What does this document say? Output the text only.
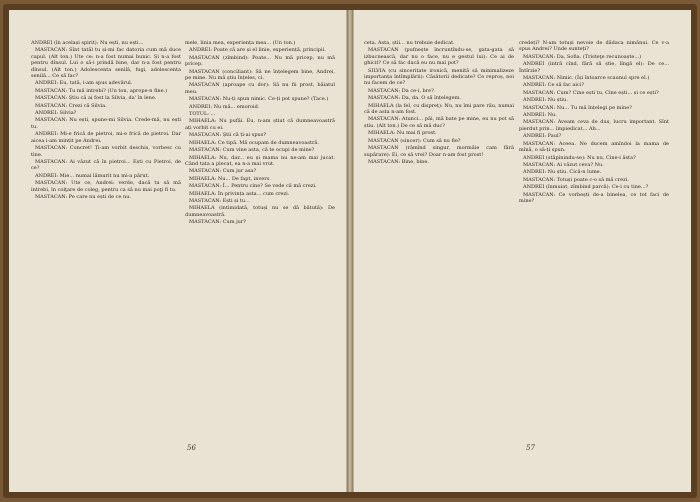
ANDREI (în același spirit): Nu ești, nu ești...

MASTACAN: Sînt tatăl tu și-mi fac datoria cum mă duce capul. (Alt ton.) Ute ce: n-a fost numai bunic. Și n-a fost pentru dînsul. Lui o să-i prindă bine, dar n-a fost pentru dînsul. (Alt ton.) Adolescenta senilă, fugi, adolescenta senilă... Ce să fac?

ANDREI: Eu, tată, i-am spus adevărul.

MASTACAN: Tu mă intrebi? (Un ton, aprope-n fine.)

MASTACAN: Știu că ai fost la Silvia, da' în lene.

MASTACAN: Crezi că Silvia.

ANDREI: Silvia?

MASTACAN: Nu ești, spune-mi Silvia. Crede-mă, nu ești tu.

ANDREI: Mi-e frică de pietroi, mi-e frică de pietroi. Dar aicea i-am mințit pe Andrei.

MASTACAN: Concret! Ți-am vorbit deschis, vorbesc cu tine.

MASTACAN: Ai văzut că în pietroi... Ești cu Pietroi, de ce?

ANDREI: Mie... numai lămurit nu mi-a părut.

MASTACAN: Ute ce, Andrei: verde, dacă tu să mă intrebi, în colţare de coleg, pentru ca să nu mai poţi fi tu.

MASTACAN: Pe care nu ești de ce nu.

mele, linia mea, experiența mea... (Un ton.)

ANDREI: Poate că are și el linie, experiență, principii.

MASTACAN (zîmbind): Poate... Nu mă pricep, nu mă pricep.

MASTACAN (conciliant): Să ne înțelegem bine, Andrei, pe mine. Nu mă știu înțeles, ci.

MASTACAN (aproape cu dor): Să nu fii prost, băiatul meu.

MASTACAN: Nu-ți spun nimic. Ce-ți pot spune? (Tace.)

ANDREI: Nu mă... emoroid.

TOTUL: ...

MIHAELA: Nu pufăi. Eu, n-am știut că dumneavoastră ați vorbit cu ei.

MASTACAN: Știi că ți-ai spus?

MIHAELA: Ce tipă. Mă ocupam de dumneavoastră.

MASTACAN: Cum vine asta, că te ocupi de mine?

MIHAELA: Nu, dar... eu și mama nu ne-am mai jucat. Când tata a plecat, ea n-a mai vrut.

MASTACAN: Cum jur asa?

MIHAELA: Nu... De fapt, invers.

MASTACAN: Î... Pentru cine? Se vede că mă crezi.

MIHAELA: În privința asta... cum crezi.

MASTACAN: Ești și tu...

MIHAELA (intimidată, totuși nu se dă bătută): De dumneavoastră.

MASTACAN: Cum jur?

56

ceta. Asta, știi... nu trebuie dedicat.

MASTACAN (pufnește încruntîndu-se, gata-gata să izbucnească, dar nu o face, nu e gestul lui): Ce ai de ghicit? Ce să fac dacă eu nu mai pot?

SILVIA (cu sinceritate ironică, menită să minimalizeze importanța întîmplării): Căsătorii dedicate? Ce reproș, noi nu facem de ce?

MASTACAN: Da ce-i, bre?

MASTACAN: Da, da. O să înțelegem.

MIHAELA (la fel, cu dispreț): Nu, nu îmi pare rău, numai că de asta n-am fost.

MASTACAN: Atunci... păi, mă bate pe mine, eu nu pot să știu. (Alt ton.) De ce să mă duc?

MIHAELA: Nu mai fi prost.

MASTACAN (sincer): Cum să nu fie?

MASTACAN (râmînd singur, mormăie cam fără supărare): Ei, ce să vrei? Doar n-am fost prost!

MASTACAN: Bine, bine.

credeți? N-am totuși nevoie de dădaca nimănui. Ce v-a spus Andrei? Unde sunteți?

MASTACAN: Da, Sofia. (Tristeţe recunoaște...)

ANDREI (intră cînd, fără să știe, lîngă el): De ce... Întîrzie?

MASTACAN: Nimic. (Își întoarce scaunul spre el.)

ANDREI: Ce să fac aici?

MASTACAN: Cum? Cine ești tu, Cine ești... și ce ești?

ANDREI: Nu știu.

MASTACAN: Nu... Tu mă înțelegi pe mine?

ANDREI: Nu.

MASTACAN: Aveam ceva de dus, lucru important. Sînt pierdut prin... împiedicat... Ah...

ANDREI: Paul?

MASTACAN: Aceea. Ne ducem amîndoi la mama de mînă, o să-ți spun.

ANDREI (stăpînindu-se): Nu nu, Cine-i ăsta?

MASTACAN: Ai văzut ceva? Nu.

ANDREI: Nu știu. Cică-n lume.

MASTACAN: Totuși poate c-o să mă crezi.

ANDREI (înmuiat, zîmbind parcă): Ce-i cu tine...?

MASTACAN: Ce vorbești de-a binelea, ce tot faci de mine?

57
